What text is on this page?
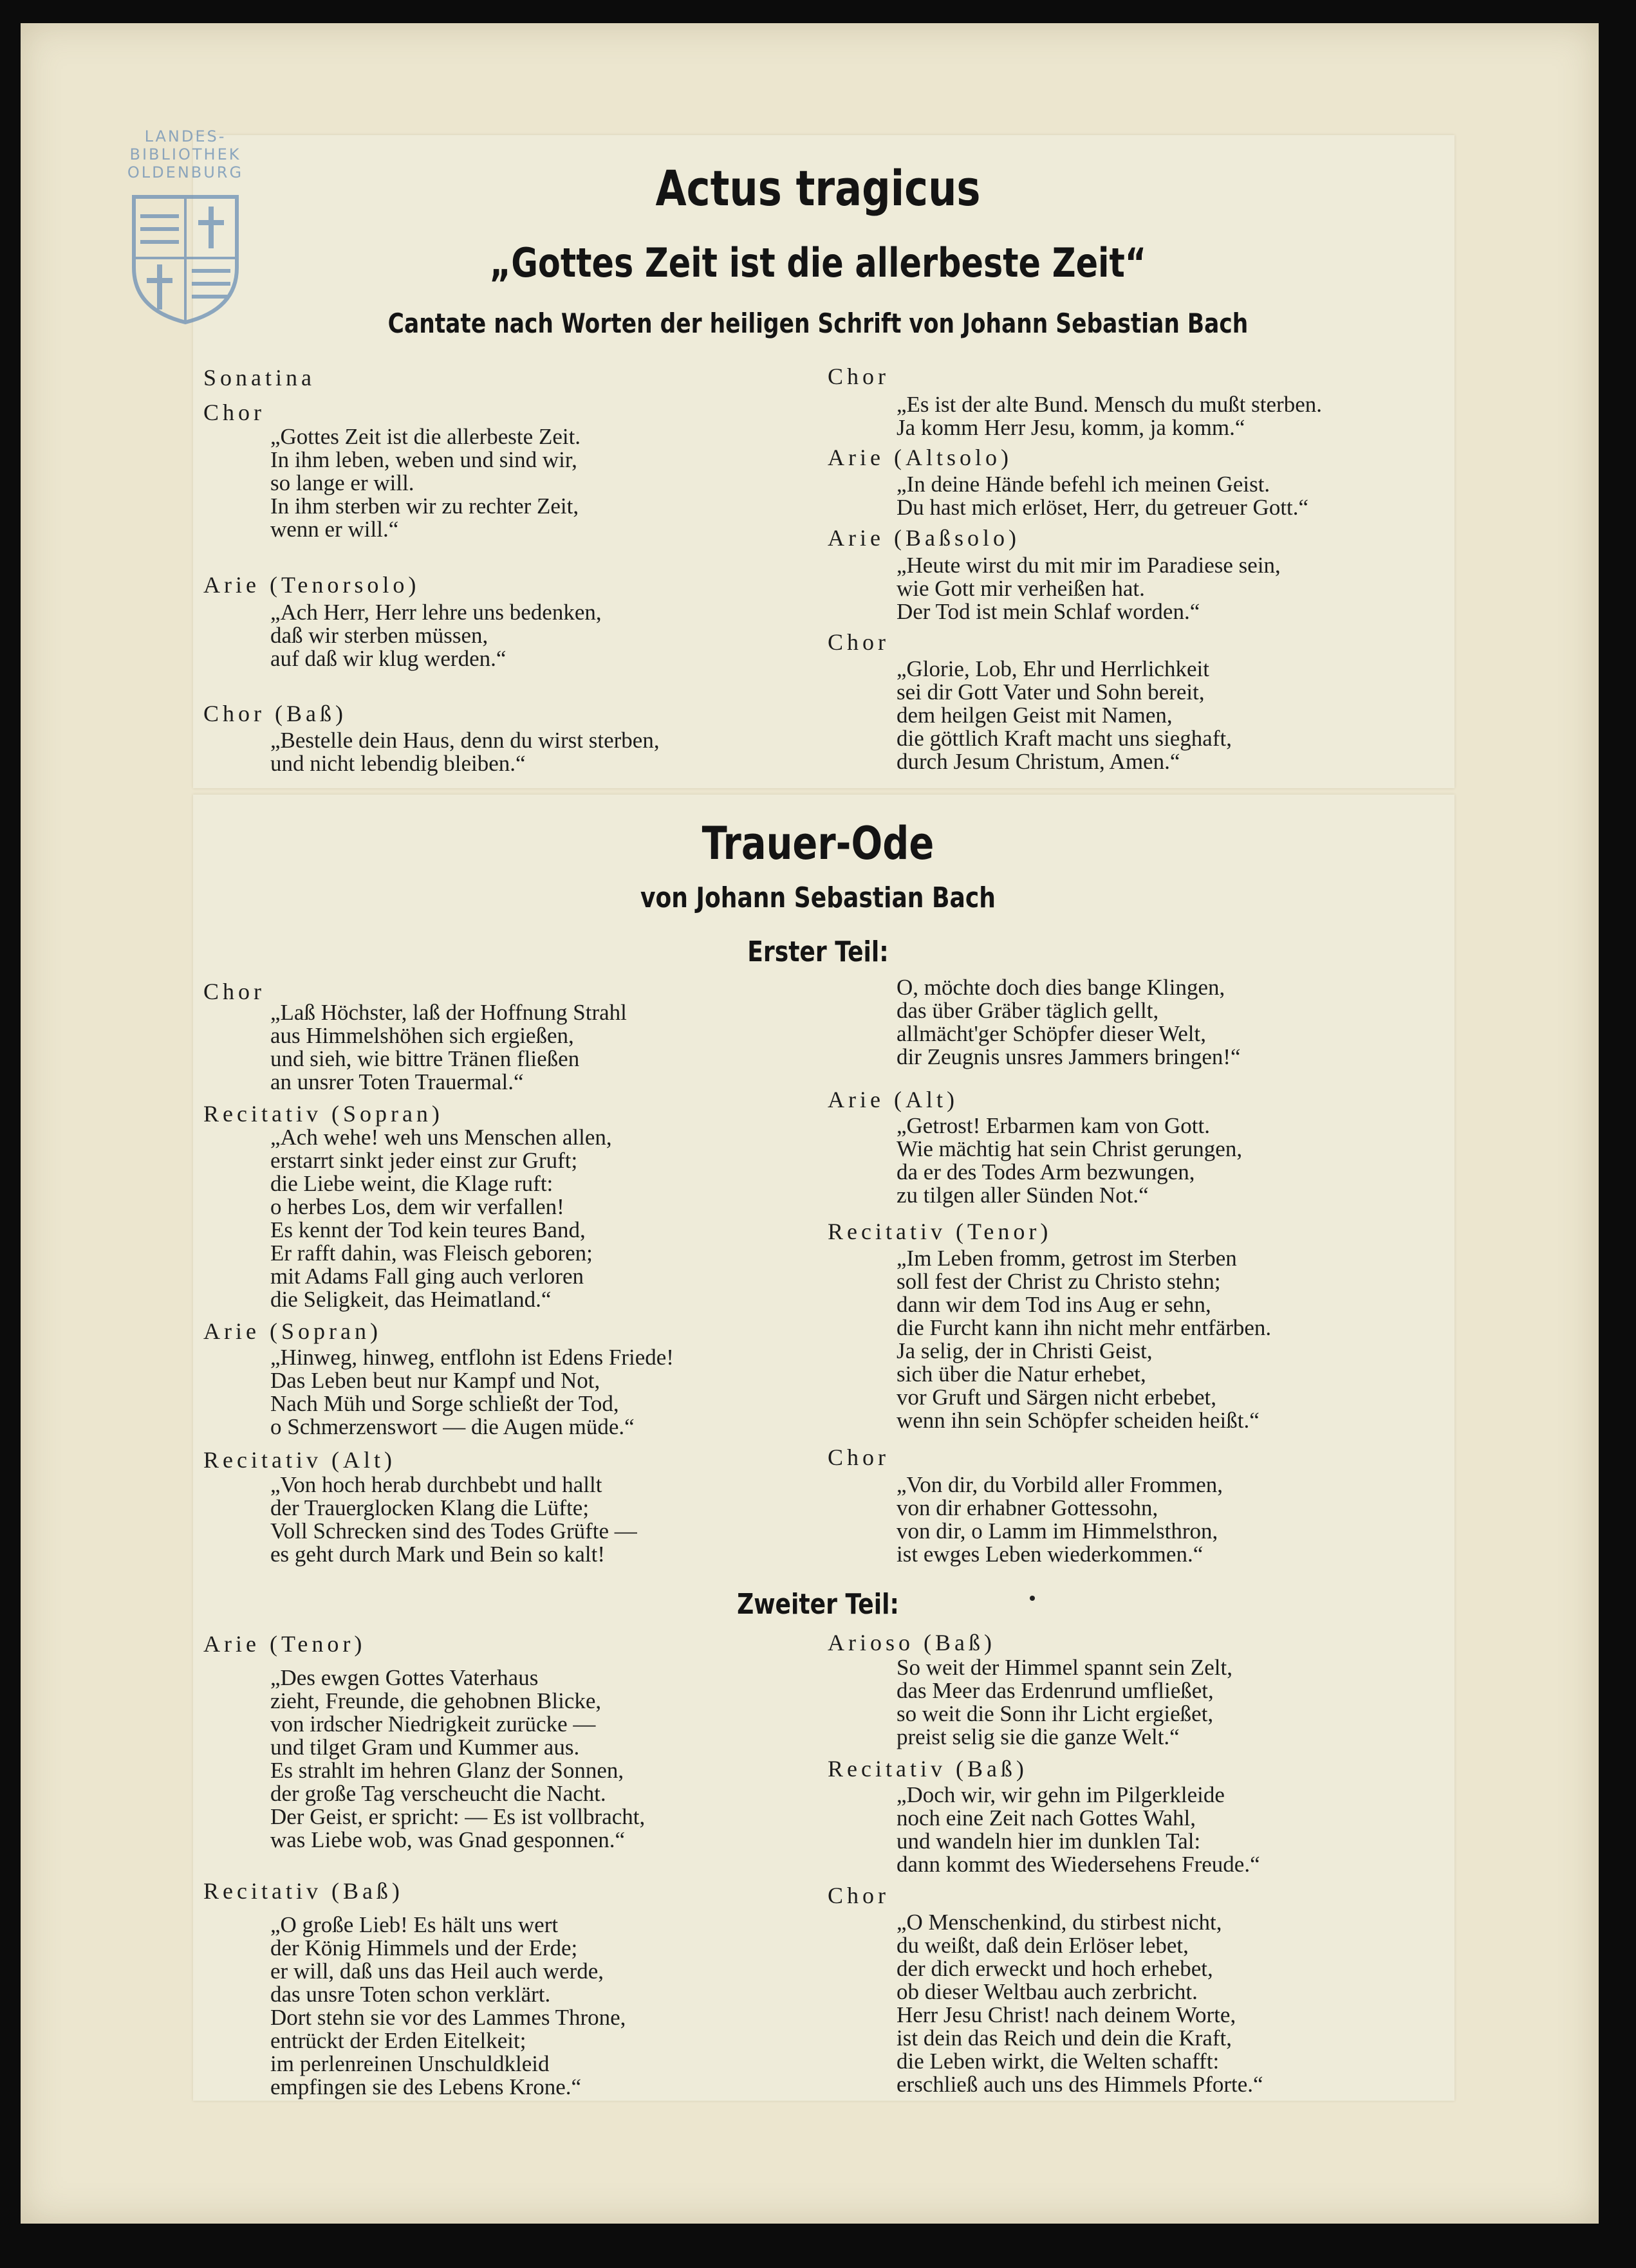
LANDES-
BIBLIOTHEK
OLDENBURG	Actus tragicus
„Gottes Zeit ist die allerbeste Zeit“
Cantate nach Worten der heiligen Schrift von Johann Sebastian Bach
Sonatina
Chor
„Gottes Zeit ist die allerbeste Zeit.
In ihm leben, weben und sind wir,
so lange er will.
In ihm sterben wir zu rechter Zeit,
wenn er will.“
Arie (Tenorsolo)
„Ach Herr, Herr lehre uns bedenken,
daß wir sterben müssen,
auf daß wir klug werden.“
Chor (Baß)
„Bestelle dein Haus, denn du wirst sterben,
und nicht lebendig bleiben.“
Chor
„Es ist der alte Bund. Mensch du mußt sterben.
Ja komm Herr Jesu, komm, ja komm.“
Arie (Altsolo)
„In deine Hände befehl ich meinen Geist.
Du hast mich erlöset, Herr, du getreuer Gott.“
Arie (Baßsolo)
„Heute wirst du mit mir im Paradiese sein,
wie Gott mir verheißen hat.
Der Tod ist mein Schlaf worden.“
Chor
„Glorie, Lob, Ehr und Herrlichkeit
sei dir Gott Vater und Sohn bereit,
dem heilgen Geist mit Namen,
die göttlich Kraft macht uns sieghaft,
durch Jesum Christum, Amen.“
Trauer-Ode
von Johann Sebastian Bach
Erster Teil:
Chor
„Laß Höchster, laß der Hoffnung Strahl
aus Himmelshöhen sich ergießen,
und sieh, wie bittre Tränen fließen
an unsrer Toten Trauermal.“
Recitativ (Sopran)
„Ach wehe! weh uns Menschen allen,
erstarrt sinkt jeder einst zur Gruft;
die Liebe weint, die Klage ruft:
o herbes Los, dem wir verfallen!
Es kennt der Tod kein teures Band,
Er rafft dahin, was Fleisch geboren;
mit Adams Fall ging auch verloren
die Seligkeit, das Heimatland.“
Arie (Sopran)
„Hinweg, hinweg, entflohn ist Edens Friede!
Das Leben beut nur Kampf und Not,
Nach Müh und Sorge schließt der Tod,
o Schmerzenswort — die Augen müde.“
Recitativ (Alt)
„Von hoch herab durchbebt und hallt
der Trauerglocken Klang die Lüfte;
Voll Schrecken sind des Todes Grüfte —
es geht durch Mark und Bein so kalt!
O, möchte doch dies bange Klingen,
das über Gräber täglich gellt,
allmächt'ger Schöpfer dieser Welt,
dir Zeugnis unsres Jammers bringen!“
Arie (Alt)
„Getrost! Erbarmen kam von Gott.
Wie mächtig hat sein Christ gerungen,
da er des Todes Arm bezwungen,
zu tilgen aller Sünden Not.“
Recitativ (Tenor)
„Im Leben fromm, getrost im Sterben
soll fest der Christ zu Christo stehn;
dann wir dem Tod ins Aug er sehn,
die Furcht kann ihn nicht mehr entfärben.
Ja selig, der in Christi Geist,
sich über die Natur erhebet,
vor Gruft und Särgen nicht erbebet,
wenn ihn sein Schöpfer scheiden heißt.“
Chor
„Von dir, du Vorbild aller Frommen,
von dir erhabner Gottessohn,
von dir, o Lamm im Himmelsthron,
ist ewges Leben wiederkommen.“
Zweiter Teil:
Arie (Tenor)
„Des ewgen Gottes Vaterhaus
zieht, Freunde, die gehobnen Blicke,
von irdscher Niedrigkeit zurücke —
und tilget Gram und Kummer aus.
Es strahlt im hehren Glanz der Sonnen,
der große Tag verscheucht die Nacht.
Der Geist, er spricht: — Es ist vollbracht,
was Liebe wob, was Gnad gesponnen.“
Recitativ (Baß)
„O große Lieb! Es hält uns wert
der König Himmels und der Erde;
er will, daß uns das Heil auch werde,
das unsre Toten schon verklärt.
Dort stehn sie vor des Lammes Throne,
entrückt der Erden Eitelkeit;
im perlenreinen Unschuldkleid
empfingen sie des Lebens Krone.“
Arioso (Baß)
So weit der Himmel spannt sein Zelt,
das Meer das Erdenrund umfließet,
so weit die Sonn ihr Licht ergießet,
preist selig sie die ganze Welt.“
Recitativ (Baß)
„Doch wir, wir gehn im Pilgerkleide
noch eine Zeit nach Gottes Wahl,
und wandeln hier im dunklen Tal:
dann kommt des Wiedersehens Freude.“
Chor
„O Menschenkind, du stirbest nicht,
du weißt, daß dein Erlöser lebet,
der dich erweckt und hoch erhebet,
ob dieser Weltbau auch zerbricht.
Herr Jesu Christ! nach deinem Worte,
ist dein das Reich und dein die Kraft,
die Leben wirkt, die Welten schafft:
erschließ auch uns des Himmels Pforte.“
